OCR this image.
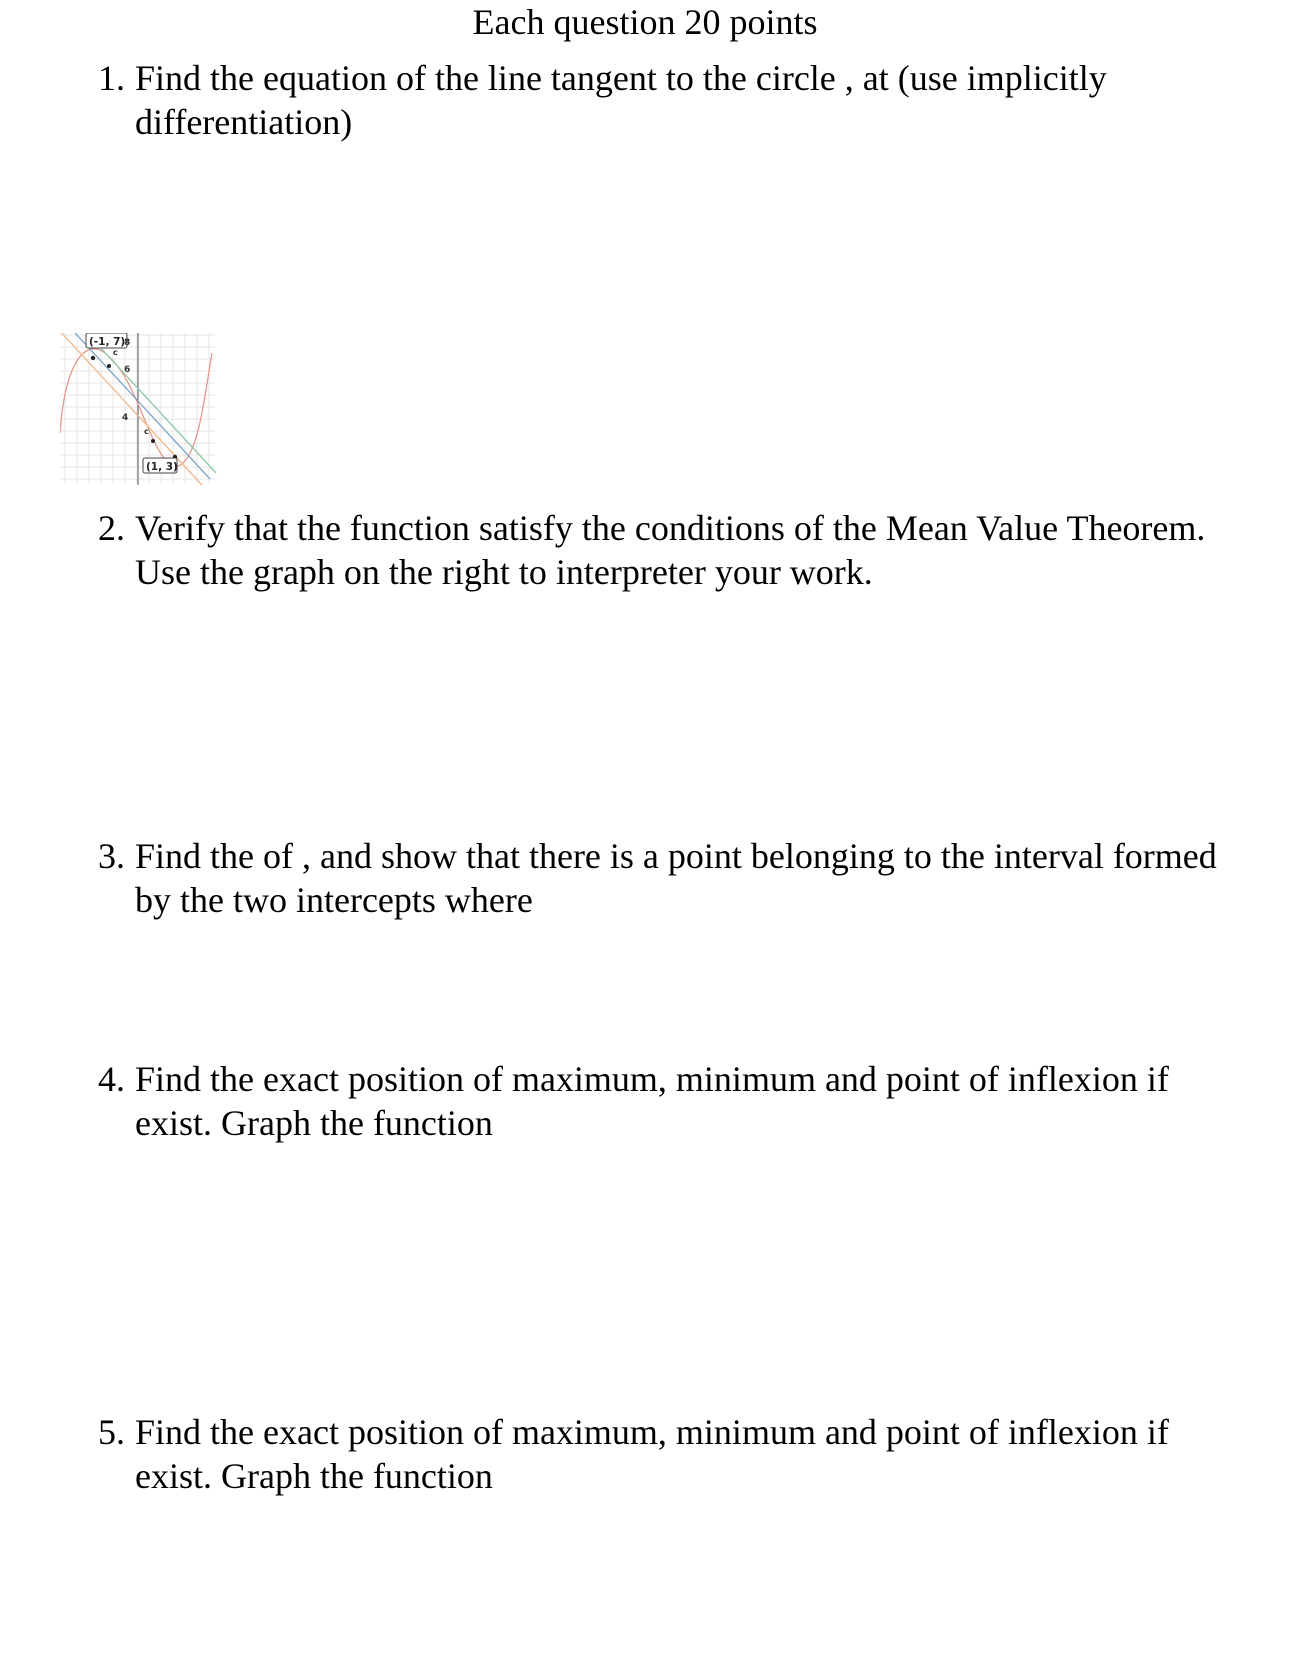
Each question 20 points
1. Find the equation of the line tangent to the circle , at (use implicitly differentiation)
(-1, 7)
(1, 3)
8
6
4
c
c
2. Verify that the function satisfy the conditions of the Mean Value Theorem. Use the graph on the right to interpreter your work.
3. Find the of , and show that there is a point belonging to the interval formed by the two intercepts where
4. Find the exact position of maximum, minimum and point of inflexion if exist. Graph the function
5. Find the exact position of maximum, minimum and point of inflexion if exist. Graph the function
